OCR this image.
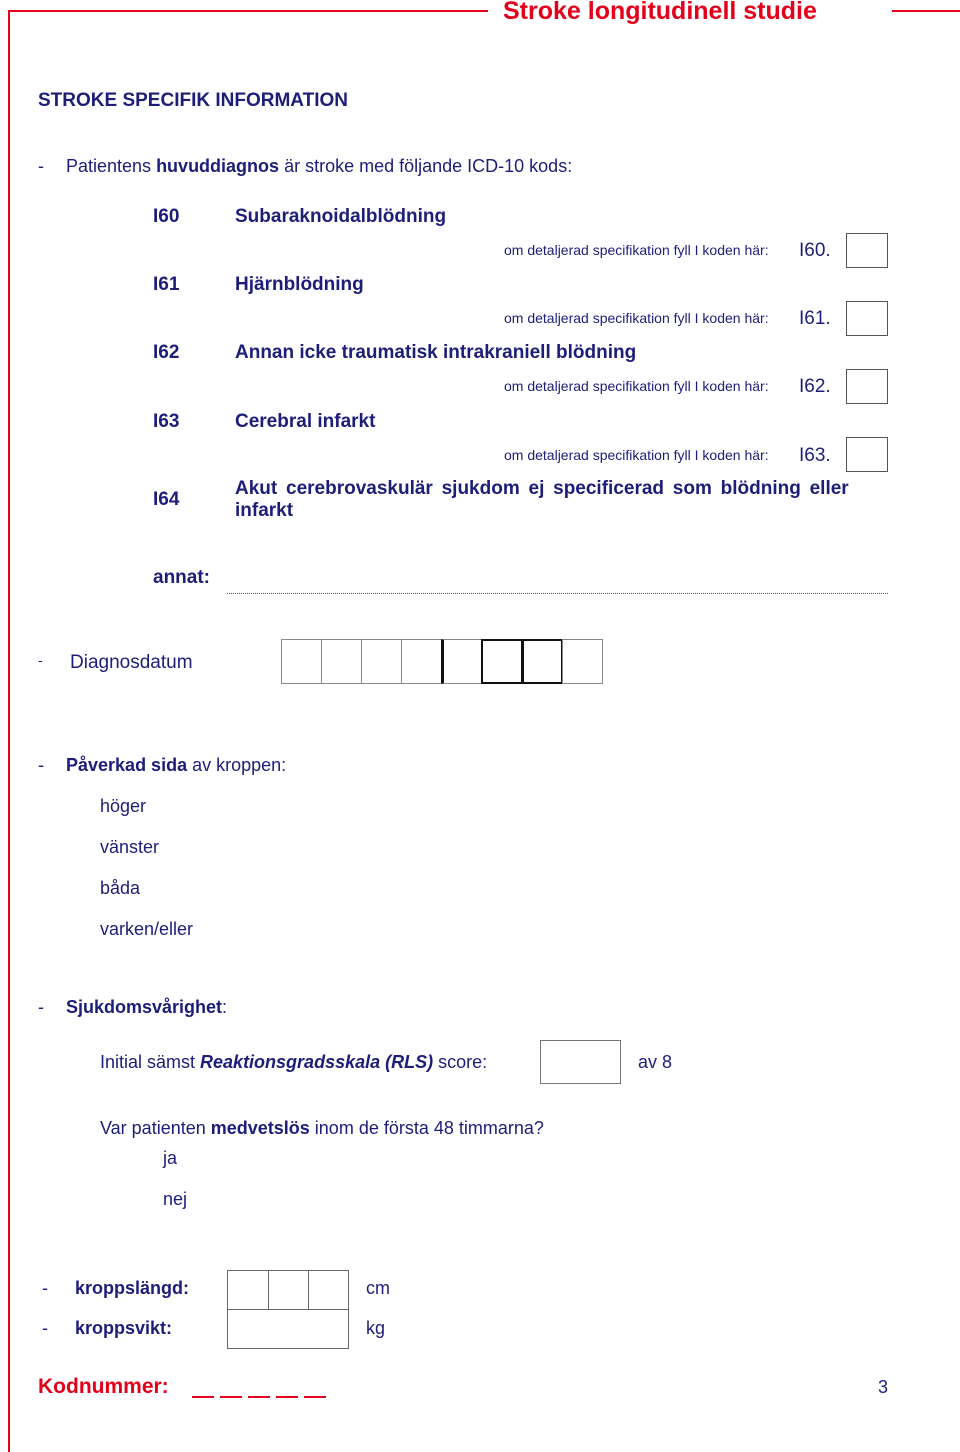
Stroke longitudinell studie
STROKE SPECIFIK INFORMATION
- Patientens huvuddiagnos är stroke med följande ICD-10 kods:
I60	Subaraknoidalblödning
om detaljerad specifikation fyll I koden här: I60.
I61	Hjärnblödning
om detaljerad specifikation fyll I koden här: I61.
I62	Annan icke traumatisk intrakraniell blödning
om detaljerad specifikation fyll I koden här: I62.
I63	Cerebral infarkt
om detaljerad specifikation fyll I koden här: I63.
I64
Akut cerebrovaskulär sjukdom ej specificerad som blödning eller
infarkt
annat:
- Diagnosdatum
- Påverkad sida av kroppen:
höger
vänster
båda
varken/eller
- Sjukdomsvårighet:
Initial sämst Reaktionsgradsskala (RLS) score:	av 8
Var patienten medvetslös inom de första 48 timmarna?
ja
nej
- kroppslängd:	cm
- kroppsvikt:	kg
Kodnummer:	3
